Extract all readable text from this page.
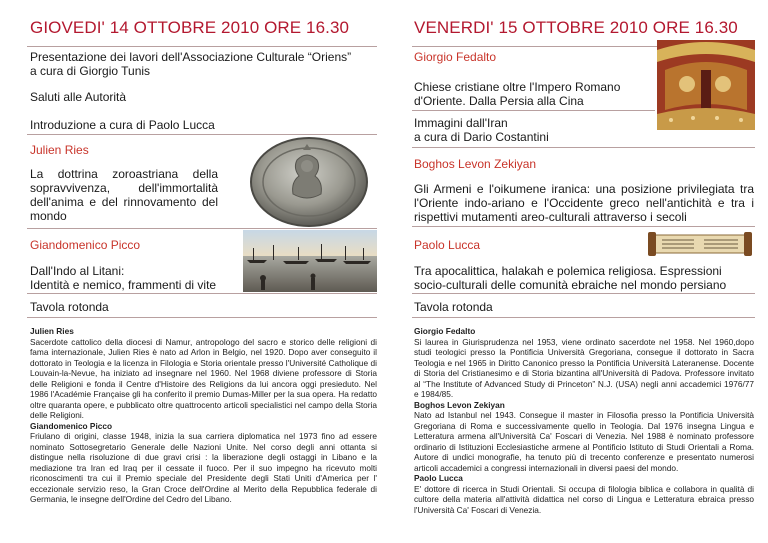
GIOVEDI' 14 OTTOBRE 2010 ORE 16.30
Presentazione dei lavori dell'Associazione Culturale “Oriens” a cura di Giorgio Tunis
Saluti alle Autorità
Introduzione a cura di Paolo Lucca
Julien Ries
La dottrina zoroastriana della sopravvivenza, dell'immortalità dell'anima e del rinnovamento del mondo
Giandomenico Picco
Dall'Indo al Litani:
Identità e nemico, frammenti di vite
Tavola rotonda
Julien Ries
Sacerdote cattolico della diocesi di Namur, antropologo del sacro e storico delle religioni di fama internazionale, Julien Ries è nato ad Arlon in Belgio, nel 1920. Dopo aver conseguito il dottorato in Teologia e la licenza in Filologia e Storia orientale presso l'Université Catholique di Louvain-la-Nevue, ha iniziato ad insegnare nel 1960. Nel 1968 diviene professore di Storia delle Religioni e fonda il Centre d'Histoire des Religions da lui ancora oggi presieduto. Nel 1986 l'Académie Française gli ha conferito il premio Dumas-Miller per la sua opera. Ha redatto oltre quaranta opere, e pubblicato oltre quattrocento articoli specialistici nel campo della Storia delle Religioni.
Giandomenico Picco
Friulano di origini, classe 1948, inizia la sua carriera diplomatica nel 1973 fino ad essere nominato Sottosegretario Generale delle Nazioni Unite. Nel corso degli anni ottanta si distingue nella risoluzione di due gravi crisi : la liberazione degli ostaggi in Libano e la mediazione tra Iran ed Iraq per il cessate il fuoco. Per il suo impegno ha ricevuto molti riconoscimenti tra cui il Premio speciale del Presidente degli Stati Uniti d'America per l' eccezionale servizio reso, la Gran Croce dell'Ordine al Merito della Repubblica federale di Germania, le insegne dell'Ordine del Cedro del Libano.
VENERDI' 15 OTTOBRE 2010 ORE 16.30
Giorgio Fedalto
Chiese cristiane oltre l'Impero Romano d'Oriente. Dalla Persia alla Cina
Immagini dall'Iran
a cura di Dario Costantini
Boghos Levon Zekiyan
Gli Armeni e l'oikumene iranica: una posizione privilegiata tra l'Oriente indo-ariano e l'Occidente greco nell'antichità e tra i rispettivi mutamenti areo-culturali attraverso i secoli
Paolo Lucca
Tra apocalittica, halakah e polemica religiosa. Espressioni socio-culturali delle comunità ebraiche nel mondo persiano
Tavola rotonda
Giorgio Fedalto
Si laurea in Giurisprudenza nel 1953, viene ordinato sacerdote nel 1958. Nel 1960,dopo studi teologici presso la Pontificia Università Gregoriana, consegue il dottorato in Sacra Teologia e nel 1965 in Diritto Canonico presso la Pontificia Università Lateranense. Docente di Storia del Cristianesimo e di Storia bizantina all'Università di Padova. Professore invitato al “The Institute of Advanced Study di Princeton” N.J. (USA) negli anni accademici 1976/77 e 1984/85.
Boghos Levon Zekiyan
Nato ad Istanbul nel 1943. Consegue il master in Filosofia presso la Pontificia Università Gregoriana di Roma e successivamente quello in Teologia. Dal 1976 insegna Lingua e Letteratura armena all'Università Ca' Foscari di Venezia. Nel 1988 è nominato professore ordinario di Istituzioni Ecclesiastiche armene al Pontificio Istituto di Studi Orientali a Roma. Autore di undici monografie, ha tenuto più di trecento conferenze e presentato numerosi articoli accademici a congressi internazionali in diversi paesi del mondo.
Paolo Lucca
E' dottore di ricerca in Studi Orientali. Si occupa di filologia biblica e collabora in qualità di cultore della materia all'attività didattica nel corso di Lingua e Letteratura ebraica presso l'Università Ca' Foscari di Venezia.
